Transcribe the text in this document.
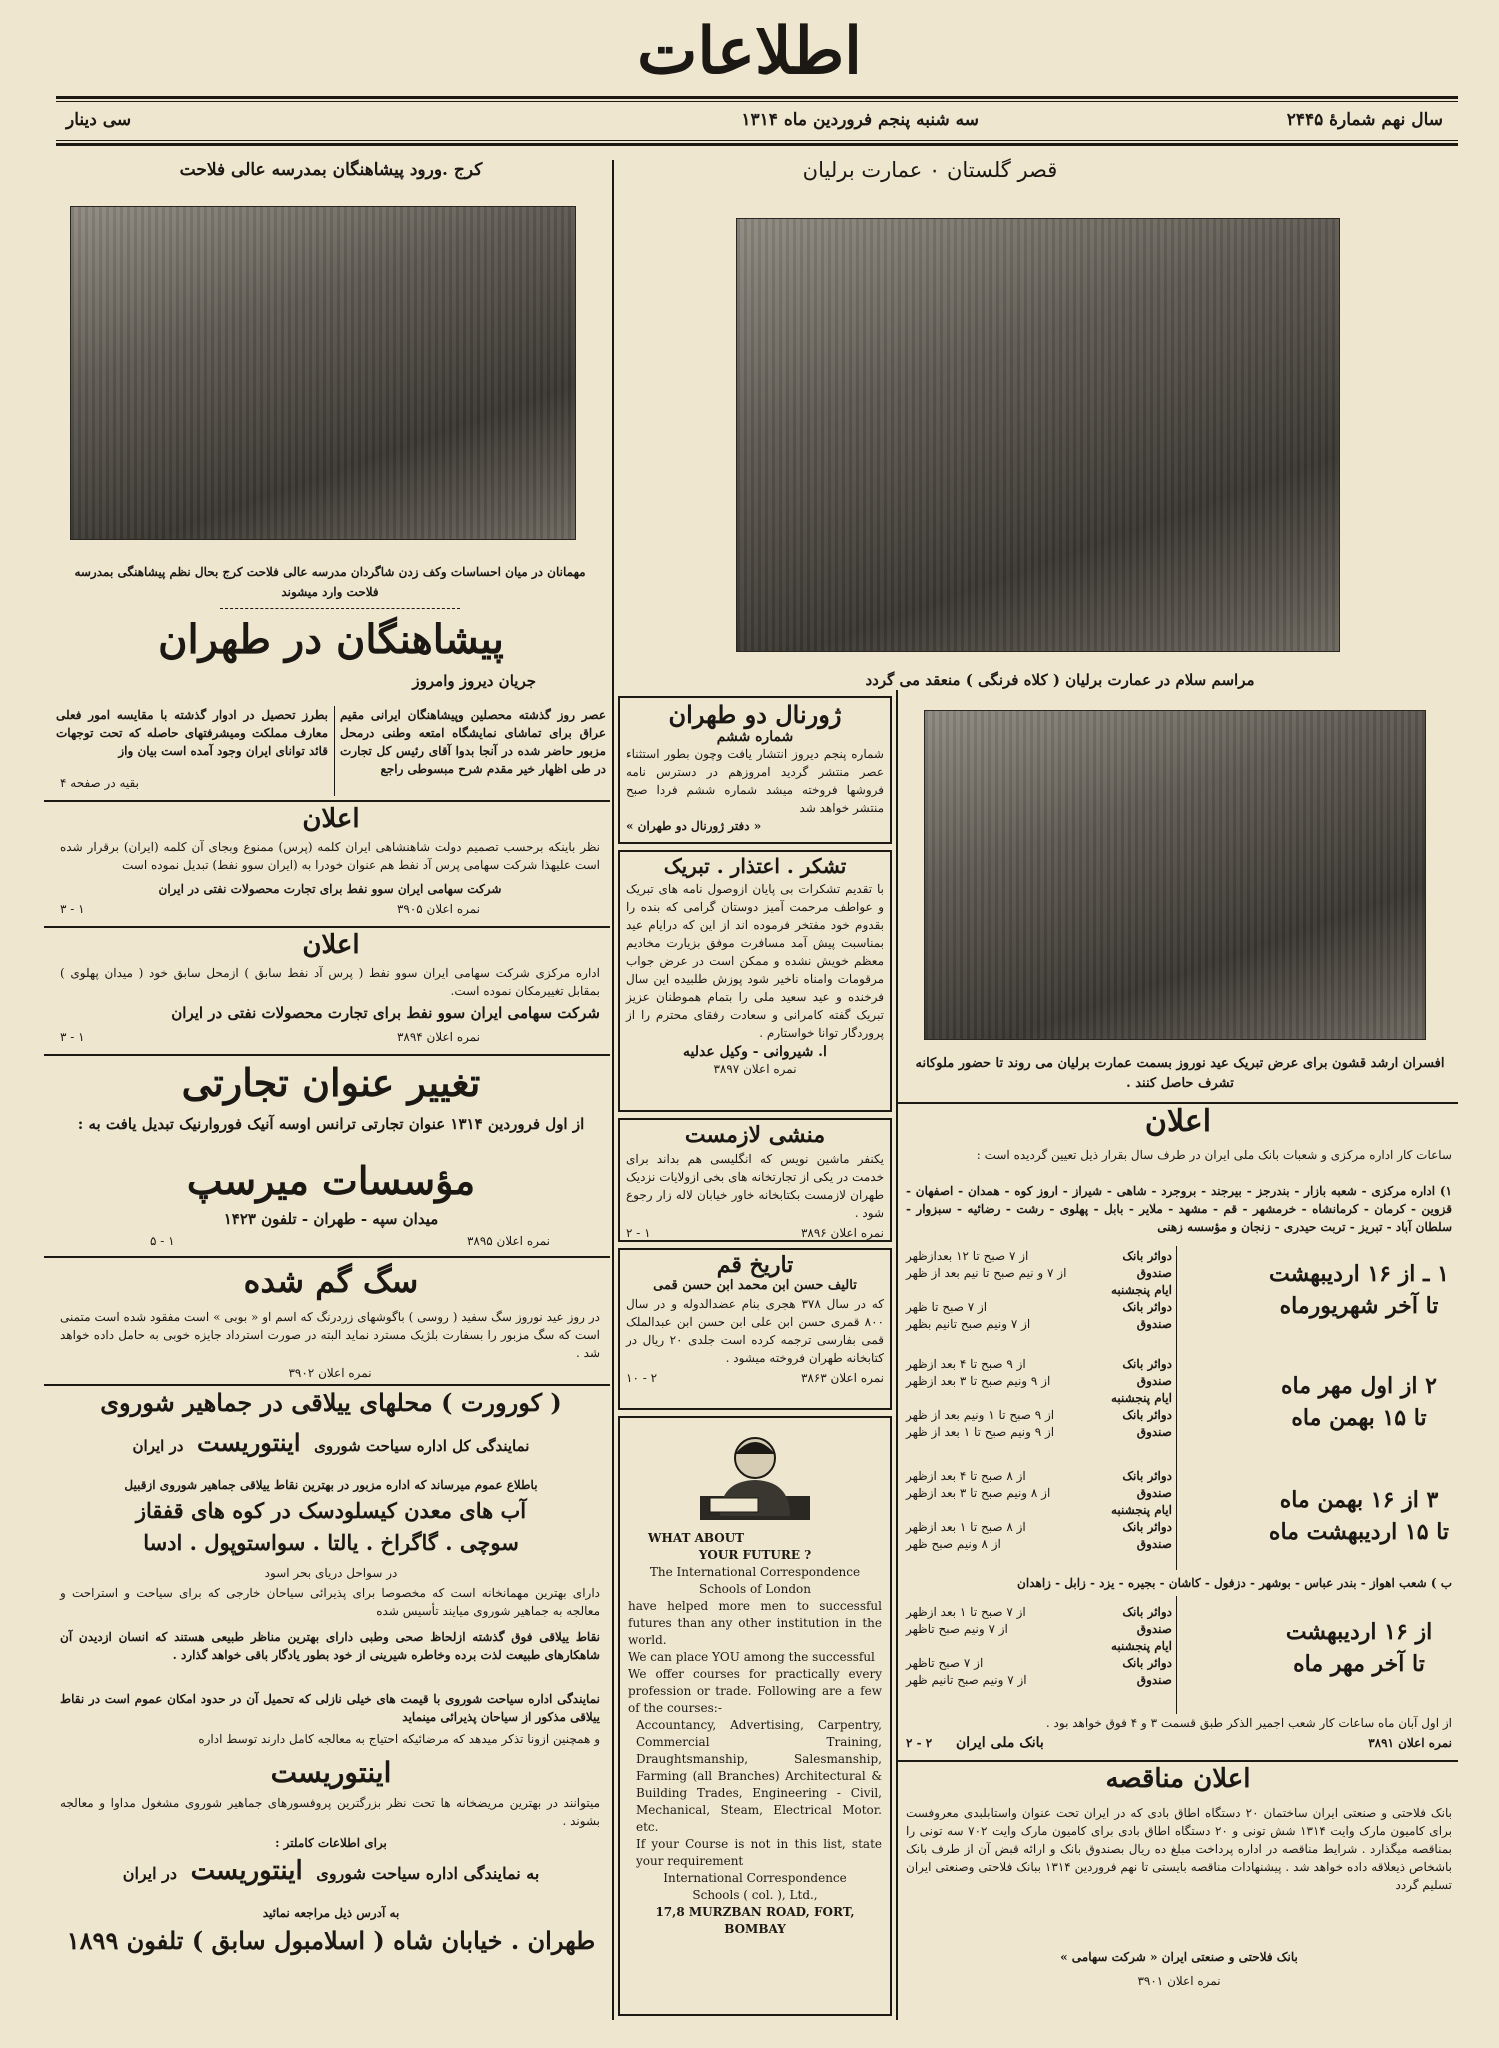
اطلاعات
سال نهم شمارهٔ ۲۴۴۵
سه شنبه پنجم فروردین ماه ۱۳۱۴
سی دینار
قصر گلستان ۰ عمارت برلیان
مراسم سلام در عمارت برلیان ( کلاه فرنگی ) منعقد می گردد
افسران ارشد قشون برای عرض تبریک عید نوروز بسمت عمارت برلیان می روند تا حضور ملوکانه تشرف حاصل کنند .
اعلان
ساعات کار اداره مرکزی و شعبات بانک ملی ایران در طرف سال بقرار ذیل تعیین گردیده است :
۱) اداره مرکزی - شعبه بازار - بندرجز - بیرجند - بروجرد - شاهی - شیراز - اروز کوه - همدان - اصفهان - قزوین - کرمان - کرمانشاه - خرمشهر - قم - مشهد - ملایر - بابل - پهلوی - رشت - رضائیه - سبزوار - سلطان آباد - تبریز - تربت حیدری - زنجان و مؤسسه زهنی
۱ ـ از ۱۶ اردیبهشت
تا آخر شهریورماه
۲ از اول مهر ماه
تا ۱۵ بهمن ماه
۳ از ۱۶ بهمن ماه
تا ۱۵ اردیبهشت ماه
دوائر بانک
از ۷ صبح تا ۱۲ بعدازظهر
صندوق
از ۷ و نیم صبح تا نیم بعد از ظهر
ایام پنجشنبه
دوائر بانک
از ۷ صبح تا ظهر
صندوق
از ۷ ونیم صبح تانیم بظهر
دوائر بانک
از ۹ صبح تا ۴ بعد ازظهر
صندوق
از ۹ ونیم صبح تا ۳ بعد ازظهر
ایام پنجشنبه
دوائر بانک
از ۹ صبح تا ۱ ونیم بعد از ظهر
صندوق
از ۹ ونیم صبح تا ۱ بعد از ظهر
دوائر بانک
از ۸ صبح تا ۴ بعد ازظهر
صندوق
از ۸ ونیم صبح تا ۳ بعد ازظهر
ایام پنجشنبه
دوائر بانک
از ۸ صبح تا ۱ بعد ازظهر
صندوق
از ۸ ونیم صبح ظهر
ب ) شعب اهواز - بندر عباس - بوشهر - دزفول - کاشان - بجیره - یزد - زابل - زاهدان
دوائر بانک
از ۷ صبح تا ۱ بعد ازظهر
صندوق
از ۷ ونیم صبح تاظهر
ایام پنجشنبه
دوائر بانک
از ۷ صبح تاظهر
صندوق
از ۷ ونیم صبح تانیم ظهر
از ۱۶ اردیبهشت
تا آخر مهر ماه
از اول آبان ماه ساعات کار شعب اجمیر الذکر طبق قسمت ۳ و ۴ فوق خواهد بود .
نمره اعلان ۳۸۹۱
۲ - ۲	بانک ملی ایران
اعلان مناقصه
بانک فلاحتی و صنعتی ایران ساختمان ۲۰ دستگاه اطاق بادی که در ایران تحت عنوان واستابلبدی معروفست برای کامیون مارک وایت ۱۳۱۴ شش تونی و ۲۰ دستگاه اطاق بادی برای کامیون مارک وایت ۷۰۲ سه تونی را بمناقصه میگذارد . شرایط مناقصه در اداره پرداخت مبلغ ده ریال بصندوق بانک و ارائه قبض آن از طرف بانک باشخاص ذیعلاقه داده خواهد شد . پیشنهادات مناقصه بایستی تا نهم فروردین ۱۳۱۴ ببانک فلاحتی وصنعتی ایران تسلیم گردد
بانک فلاحتی و صنعتی ایران « شرکت سهامی »
نمره اعلان ۳۹۰۱
ژورنال دو طهران
شماره ششم
شماره پنجم دیروز انتشار یافت وچون بطور استثناء عصر منتشر گردید امروزهم در دسترس نامه فروشها فروخته میشد شماره ششم فردا صبح منتشر خواهد شد
« دفتر ژورنال دو طهران »
تشکر . اعتذار . تبریک
با تقدیم تشکرات بی پایان ازوصول نامه های تبریک و عواطف مرحمت آمیز دوستان گرامی که بنده را بقدوم خود مفتخر فرموده اند از این که درایام عید بمناسبت پیش آمد مسافرت موفق بزیارت مخادیم معظم خویش نشده و ممکن است در عرض جواب مرقومات وامناه ناخیر شود پوزش طلبیده این سال فرخنده و عید سعید ملی را بتمام هموطنان عزیز تبریک گفته کامرانی و سعادت رفقای محترم را از پروردگار توانا خواستارم .
ا. شیروانی - وکیل عدلیه
نمره اعلان ۳۸۹۷
منشی لازمست
یکنفر ماشین نویس که انگلیسی هم بداند برای خدمت در یکی از تجارتخانه های بخی ازولایات نزدیک طهران لازمست بکتابخانه خاور خیابان لاله زار رجوع شود .
نمره اعلان ۳۸۹۶
۱ - ۲
تاریخ قم
تالیف حسن ابن محمد ابن حسن قمی
که در سال ۳۷۸ هجری بنام عضدالدوله و در سال ۸۰۰ قمری حسن ابن علی ابن حسن ابن عبدالملک قمی بفارسی ترجمه کرده است جلدی ۲۰ ریال در کتابخانه طهران فروخته میشود .
نمره اعلان ۳۸۶۳
۲ - ۱۰
WHAT ABOUT
YOUR FUTURE ?
The International Correspondence
Schools of London
have helped more men to successful futures than any other institution in the world.
We can place YOU among the successful
We offer courses for practically every profession or trade. Following are a few of the courses:-
Accountancy, Advertising, Carpentry, Commercial Training, Draughtsmanship, Salesmanship, Farming (all Branches) Architectural & Building Trades, Engineering - Civil, Mechanical, Steam, Electrical Motor. etc.
If your Course is not in this list, state your requirement
International Correspondence
Schools ( col. ), Ltd.,
17,8 MURZBAN ROAD, FORT, BOMBAY
کرج .ورود پیشاهنگان بمدرسه عالی فلاحت
مهمانان در میان احساسات وکف زدن شاگردان مدرسه عالی فلاحت کرج بحال نظم پیشاهنگی بمدرسه فلاحت وارد میشوند
پیشاهنگان در طهران
جریان دیروز وامروز
عصر روز گذشته محصلین وپیشاهنگان ایرانی مقیم عراق برای تماشای نمایشگاه امتعه وطنی درمحل مزبور حاضر شده در آنجا بدوا آقای رئیس کل تجارت در طی اظهار خیر مقدم شرح مبسوطی راجع
بطرز تحصیل در ادوار گذشته با مقایسه امور فعلی معارف مملکت ومیشرفتهای حاصله که تحت توجهات قائد توانای ایران وجود آمده است بیان واز
بقیه در صفحه ۴
اعلان
نظر باینکه برحسب تصمیم دولت شاهنشاهی ایران کلمه (پرس) ممنوع وبجای آن کلمه (ایران) برقرار شده است علیهذا شرکت سهامی پرس آد نفط هم عنوان خودرا به (ایران سوو نفط) تبدیل نموده است
شرکت سهامی ایران سوو نفط برای تجارت محصولات نفتی در ایران
نمره اعلان ۳۹۰۵
۱ - ۳
اعلان
اداره مرکزی شرکت سهامی ایران سوو نفط ( پرس آد نفط سابق ) ازمحل سابق خود ( میدان پهلوی ) بمقابل تغییرمکان نموده است.
شرکت سهامی ایران سوو نفط برای تجارت محصولات نفتی در ایران
نمره اعلان ۳۸۹۴
۱ - ۳
تغییر عنوان تجارتی
از اول فروردین ۱۳۱۴ عنوان تجارتی ترانس اوسه آنیک فوروارنیک تبدیل یافت به :
مؤسسات میرسپ
میدان سپه - طهران - تلفون ۱۴۲۳
نمره اعلان ۳۸۹۵
۱ - ۵
سگ گم شده
در روز عید نوروز سگ سفید ( روسی ) باگوشهای زردرنگ که اسم او « بوبی » است مفقود شده است متمنی است که سگ مزبور را بسفارت بلژیک مسترد نماید البته در صورت استرداد جایزه خوبی به حامل داده خواهد شد .
نمره اعلان ۳۹۰۲
( کورورت ) محلهای ییلاقی در جماهیر شوروی
نمایندگی کل اداره سیاحت شوروی اینتوریست در ایران
باطلاع عموم میرساند که اداره مزبور در بهترین نقاط ییلاقی جماهیر شوروی ازقبیل
آب های معدن کیسلودسک در کوه های قفقاز
سوچی . گاگراخ . یالتا . سواستوپول . ادسا
در سواحل دریای بحر اسود
دارای بهترین مهمانخانه است که مخصوصا برای پذیرائی سیاحان خارجی که برای سیاحت و استراحت و معالجه به جماهیر شوروی میایند تأسیس شده
نقاط ییلاقی فوق گذشته ازلحاظ صحی وطبی دارای بهترین مناظر طبیعی هستند که انسان ازدیدن آن شاهکارهای طبیعت لذت برده وخاطره شیرینی از خود بطور یادگار باقی خواهد گذارد .
نمایندگی اداره سیاحت شوروی با قیمت های خیلی نازلی که تحمیل آن در حدود امکان عموم است در نقاط ییلاقی مذکور از سیاحان پذیرائی مینماید
و همچنین ازونا تذکر میدهد که مرضائیکه احتیاج به معالجه کامل دارند توسط اداره
اینتوریست
میتوانند در بهترین مریضخانه ها تحت نظر بزرگترین پروفسورهای جماهیر شوروی مشغول مداوا و معالجه بشوند .
برای اطلاعات کاملتر :
به نمایندگی اداره سیاحت شوروی اینتوریست در ایران
به آدرس ذیل مراجعه نمائید
طهران . خیابان شاه ( اسلامبول سابق ) تلفون ۱۸۹۹
